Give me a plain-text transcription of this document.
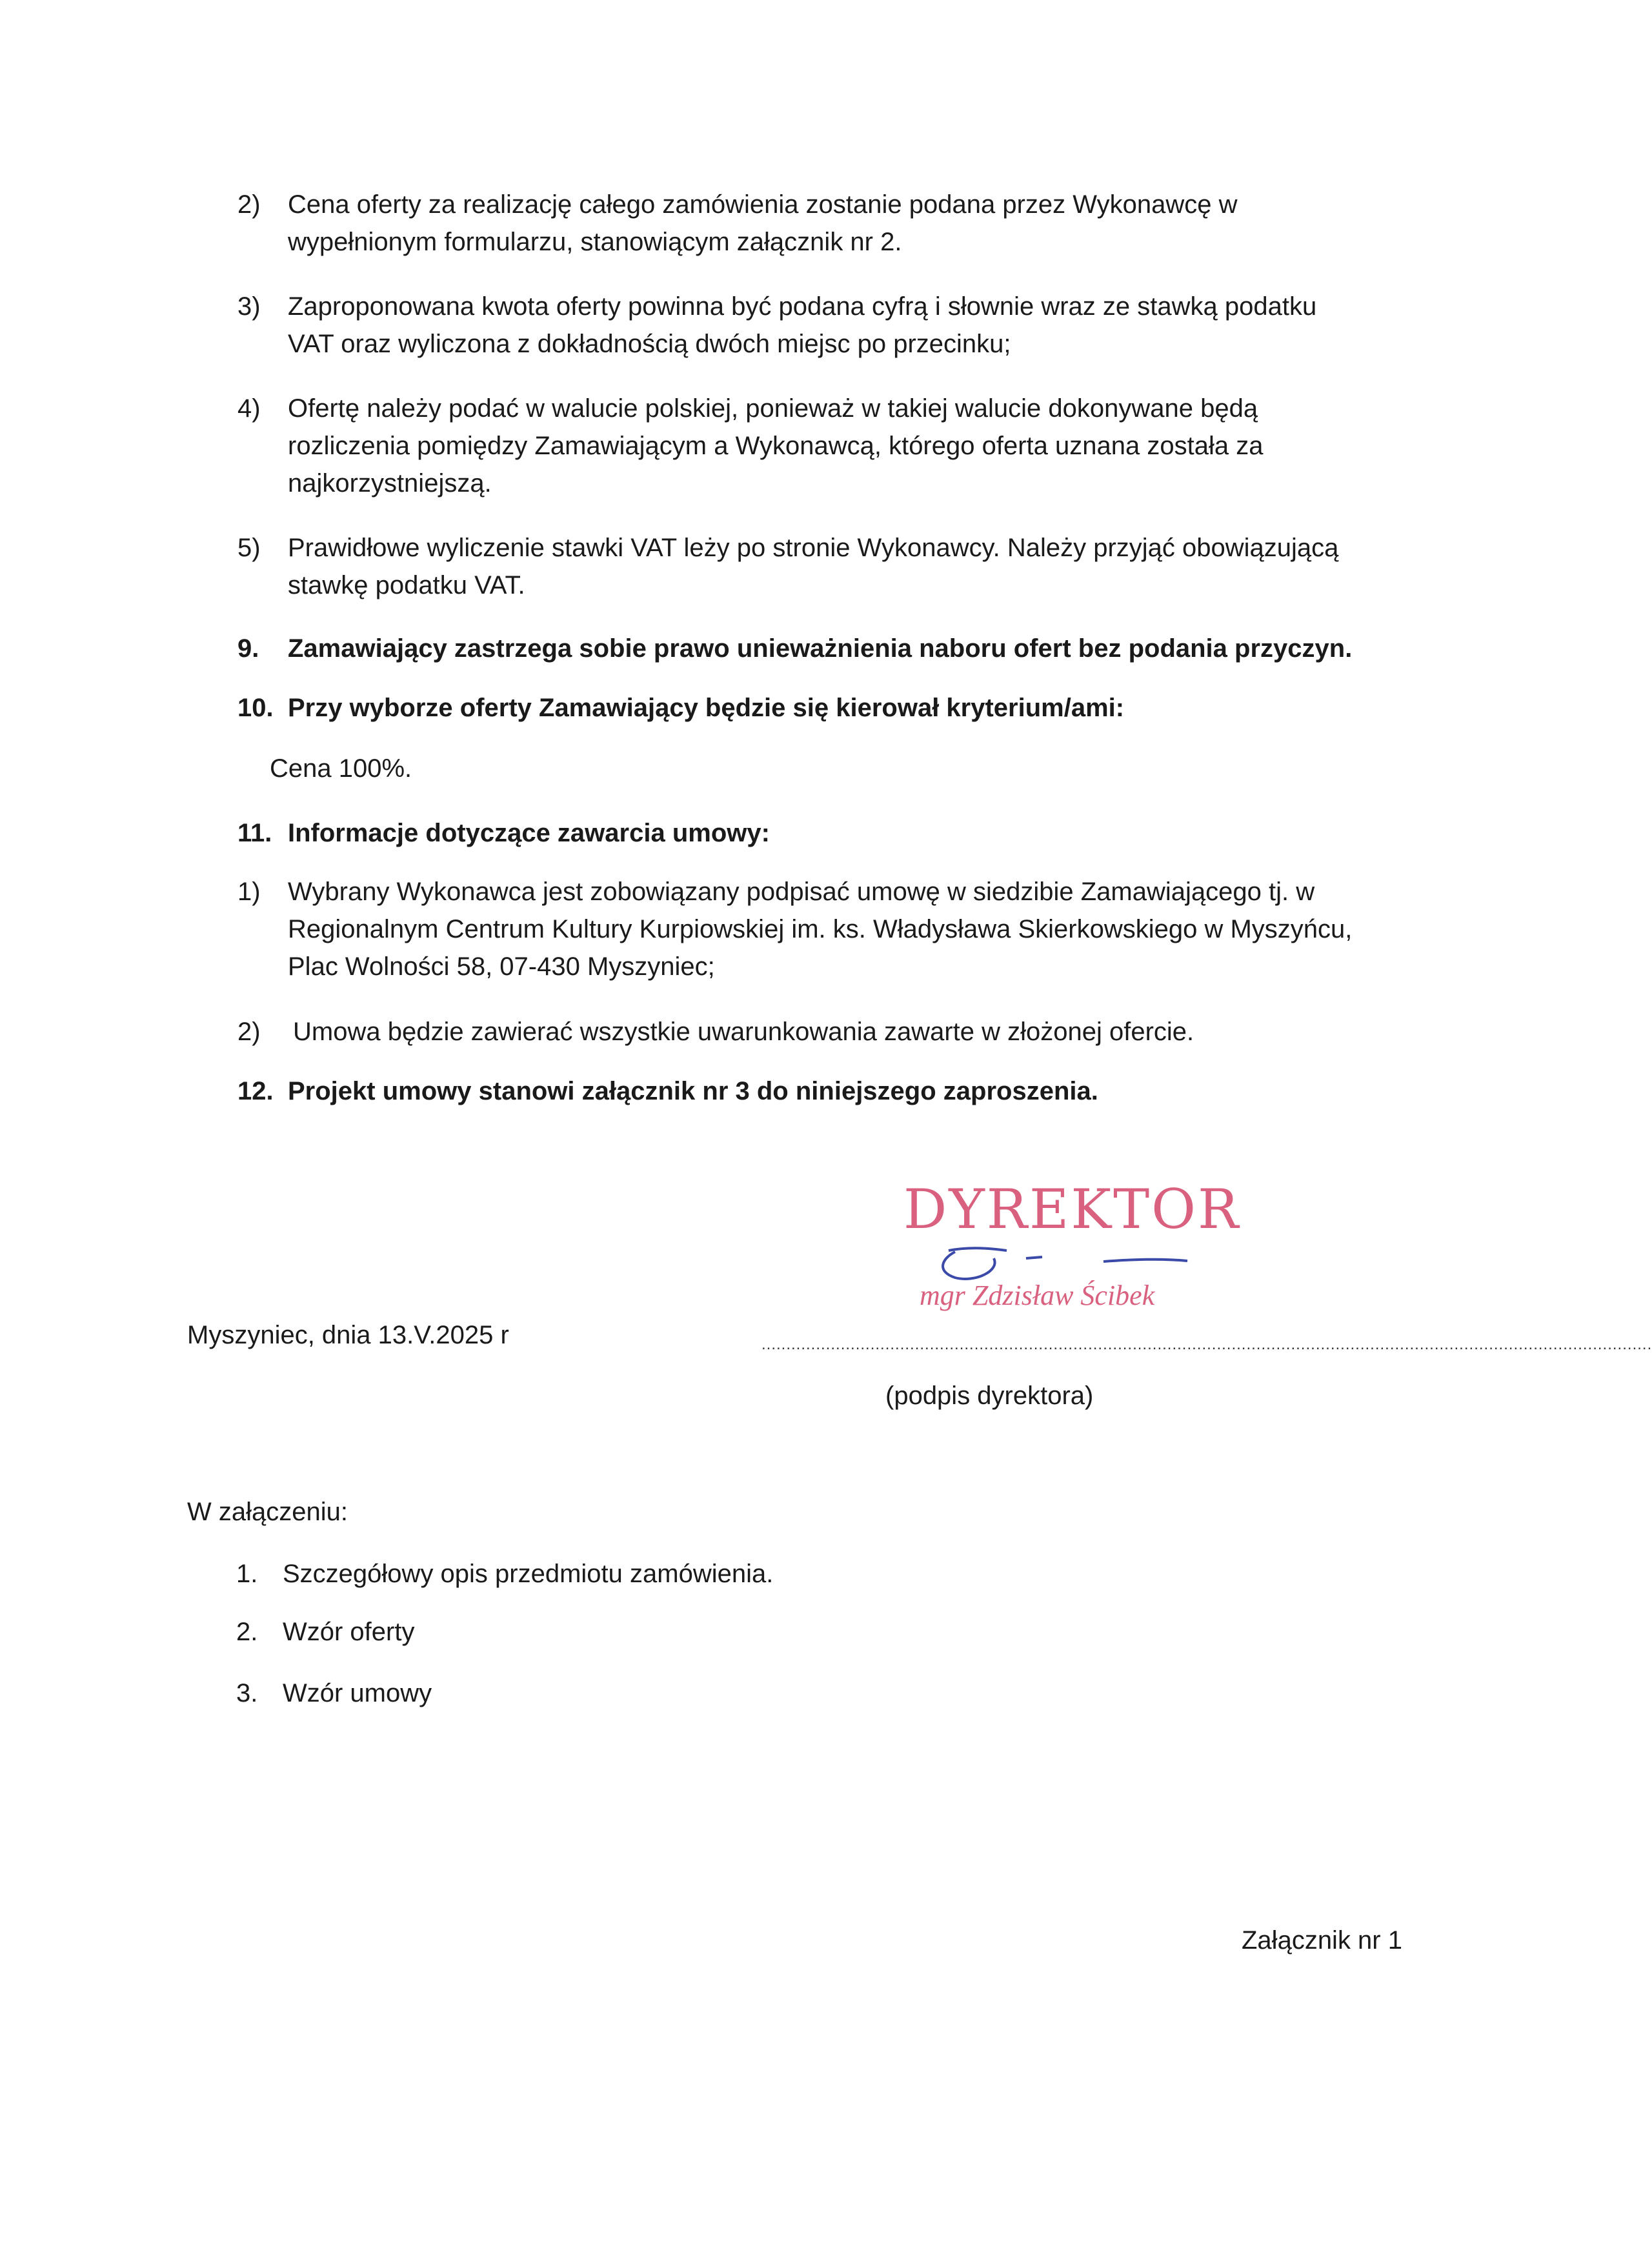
2)	Cena oferty za realizację całego zamówienia zostanie podana przez Wykonawcę w
wypełnionym formularzu, stanowiącym załącznik nr 2.
3)	Zaproponowana kwota oferty powinna być podana cyfrą i słownie wraz ze stawką podatku
VAT oraz wyliczona z dokładnością dwóch miejsc po przecinku;
4)	Ofertę należy podać w walucie polskiej, ponieważ w takiej walucie dokonywane będą
rozliczenia pomiędzy Zamawiającym a Wykonawcą, którego oferta uznana została za
najkorzystniejszą.
5)	Prawidłowe wyliczenie stawki VAT leży po stronie Wykonawcy. Należy przyjąć obowiązującą
stawkę podatku VAT.
9.	Zamawiający zastrzega sobie prawo unieważnienia naboru ofert bez podania przyczyn.
10. Przy wyborze oferty Zamawiający będzie się kierował kryterium/ami:
Cena 100%.
11. Informacje dotyczące zawarcia umowy:
1)	Wybrany Wykonawca jest zobowiązany podpisać umowę w siedzibie Zamawiającego tj. w
Regionalnym Centrum Kultury Kurpiowskiej im. ks. Władysława Skierkowskiego w Myszyńcu,
Plac Wolności 58, 07-430 Myszyniec;
2)	Umowa będzie zawierać wszystkie uwarunkowania zawarte w złożonej ofercie.
12. Projekt umowy stanowi załącznik nr 3 do niniejszego zaproszenia.
DYREKTOR
mgr Zdzisław Ścibek
Myszyniec, dnia 13.V.2025 r	....................................................................................................................................................................................
(podpis dyrektora)
W załączeniu:
1. Szczegółowy opis przedmiotu zamówienia.
2. Wzór oferty
3. Wzór umowy
Załącznik nr 1
